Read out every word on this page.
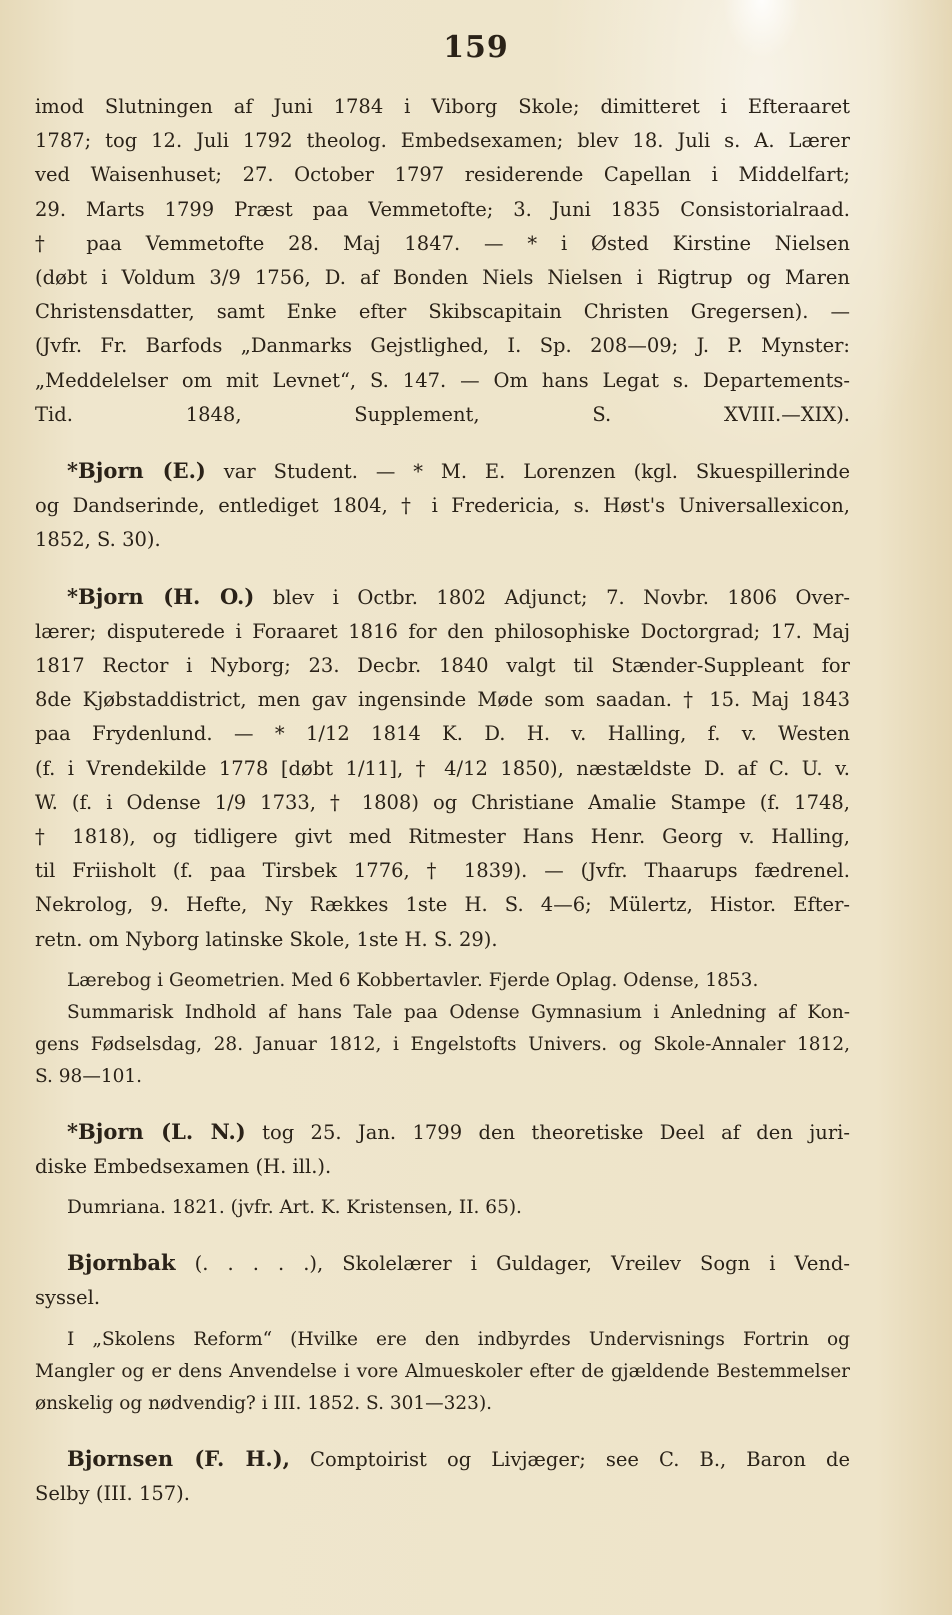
159
imod Slutningen af Juni 1784 i Viborg Skole; dimitteret i Efteraaret
1787; tog 12. Juli 1792 theolog. Embedsexamen; blev 18. Juli s. A. Lærer
ved Waisenhuset; 27. October 1797 residerende Capellan i Middelfart;
29. Marts 1799 Præst paa Vemmetofte; 3. Juni 1835 Consistorialraad.
† paa Vemmetofte 28. Maj 1847. — * i Østed Kirstine Nielsen
(døbt i Voldum 3/9 1756, D. af Bonden Niels Nielsen i Rigtrup og Maren Christensdatter, samt Enke efter Skibscapitain Christen Gregersen). —
(Jvfr. Fr. Barfods „Danmarks Gejstlighed, I. Sp. 208—09; J. P. Mynster:
„Meddelelser om mit Levnet“, S. 147. — Om hans Legat s. Departements-
Tid. 1848, Supplement, S. XVIII.—XIX).
*Bjorn (E.) var Student. — * M. E. Lorenzen (kgl. Skuespillerinde
og Dandserinde, entlediget 1804, † i Fredericia, s. Høst's Universallexicon,
1852, S. 30).
*Bjorn (H. O.) blev i Octbr. 1802 Adjunct; 7. Novbr. 1806 Over-
lærer; disputerede i Foraaret 1816 for den philosophiske Doctorgrad; 17. Maj
1817 Rector i Nyborg; 23. Decbr. 1840 valgt til Stænder-Suppleant for
8de Kjøbstaddistrict, men gav ingensinde Møde som saadan. † 15. Maj 1843
paa Frydenlund. — * 1/12 1814 K. D. H. v. Halling, f. v. Westen
(f. i Vrendekilde 1778 [døbt 1/11], † 4/12 1850), næstældste D. af C. U. v.
W. (f. i Odense 1/9 1733, † 1808) og Christiane Amalie Stampe (f. 1748,
† 1818), og tidligere givt med Ritmester Hans Henr. Georg v. Halling,
til Friisholt (f. paa Tirsbek 1776, † 1839). — (Jvfr. Thaarups fædrenel.
Nekrolog, 9. Hefte, Ny Rækkes 1ste H. S. 4—6; Mülertz, Histor. Efter-
retn. om Nyborg latinske Skole, 1ste H. S. 29).
Lærebog i Geometrien. Med 6 Kobbertavler. Fjerde Oplag. Odense, 1853.
Summarisk Indhold af hans Tale paa Odense Gymnasium i Anledning af Kon-
gens Fødselsdag, 28. Januar 1812, i Engelstofts Univers. og Skole-Annaler 1812,
S. 98—101.
*Bjorn (L. N.) tog 25. Jan. 1799 den theoretiske Deel af den juri-
diske Embedsexamen (H. ill.).
Dumriana. 1821. (jvfr. Art. K. Kristensen, II. 65).
Bjornbak (. . . . .), Skolelærer i Guldager, Vreilev Sogn i Vend-
syssel.
I „Skolens Reform“ (Hvilke ere den indbyrdes Undervisnings Fortrin og
Mangler og er dens Anvendelse i vore Almueskoler efter de gjældende Bestemmelser
ønskelig og nødvendig? i III. 1852. S. 301—323).
Bjornsen (F. H.), Comptoirist og Livjæger; see C. B., Baron de
Selby (III. 157).
